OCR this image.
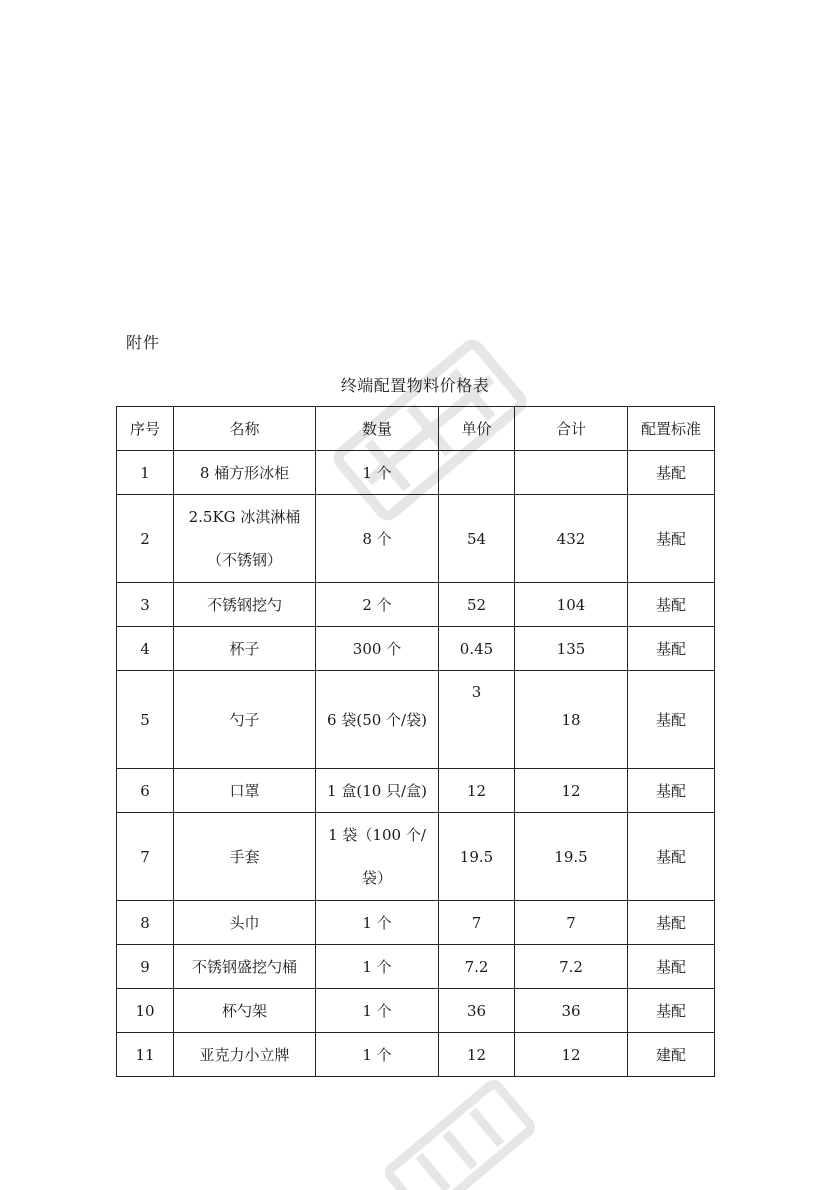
附件
终端配置物料价格表
序号	名称	数量	单价	合计	配置标准
1	8 桶方形冰柜	1 个			基配
2	2.5KG 冰淇淋桶（不锈钢）	8 个	54	432	基配
3	不锈钢挖勺	2 个	52	104	基配
4	杯子	300 个	0.45	135	基配
5	勺子	6 袋(50 个/袋)	3	18	基配
6	口罩	1 盒(10 只/盒)	12	12	基配
7	手套	1 袋（100 个/袋）	19.5	19.5	基配
8	头巾	1 个	7	7	基配
9	不锈钢盛挖勺桶	1 个	7.2	7.2	基配
10	杯勺架	1 个	36	36	基配
11	亚克力小立牌	1 个	12	12	建配
